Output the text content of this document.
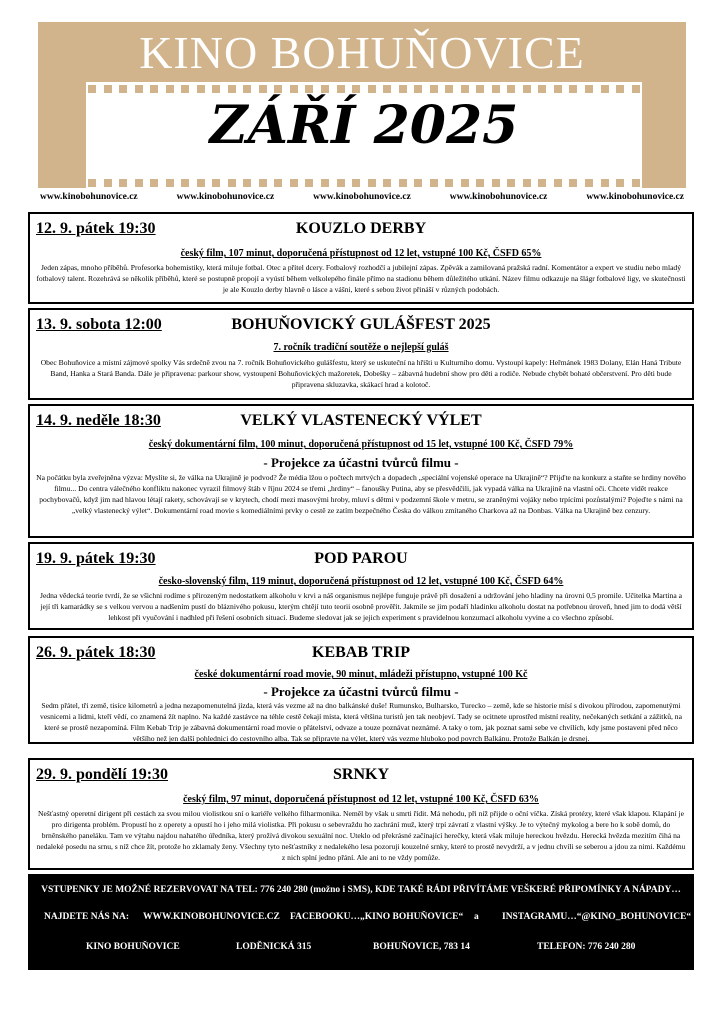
KINO BOHUŇOVICE
ZÁŘÍ 2025
www.kinobohunovice.cz	www.kinobohunovice.cz	www.kinobohunovice.cz	www.kinobohunovice.cz	www.kinobohunovice.cz
KOUZLO DERBY
12. 9. pátek 19:30
český film, 107 minut, doporučená přístupnost od 12 let, vstupné 100 Kč, ČSFD 65%
Jeden zápas, mnoho příběhů. Profesorka bohemistiky, která miluje fotbal. Otec a přítel dcery. Fotbalový rozhodčí a jubilejní zápas. Zpěvák a zamilovaná pražská radní. Komentátor a expert ve studiu nebo mladý fotbalový talent. Rozehrává se několik příběhů, které se postupně propojí a vyústí během velkolepého finále přímo na stadionu během důležitého utkání. Název filmu odkazuje na šlágr fotbalové ligy, ve skutečnosti je ale Kouzlo derby hlavně o lásce a vášni, které s sebou život přináší v různých podobách.
BOHUŇOVICKÝ GULÁŠFEST 2025
13. 9. sobota 12:00
7. ročník tradiční soutěže o nejlepší guláš
Obec Bohuňovice a místní zájmové spolky Vás srdečně zvou na 7. ročník Bohuňovického gulášfestu, který se uskuteční na hřišti u Kulturního domu. Vystoupí kapely: Heřmánek 1983 Dolany, Elán Haná Tribute Band, Hanka a Stará Banda. Dále je připravena: parkour show, vystoupení Bohuňovických mažoretek, Dobešky – zábavná hudební show pro děti a rodiče. Nebude chybět bohaté občerstvení. Pro děti bude připravena skluzavka, skákací hrad a kolotoč.
VELKÝ VLASTENECKÝ VÝLET
14. 9. neděle 18:30
český dokumentární film, 100 minut, doporučená přístupnost od 15 let, vstupné 100 Kč, ČSFD 79%
- Projekce za účastni tvůrců filmu -
Na počátku byla zveřejněna výzva: Myslíte si, že válka na Ukrajině je podvod? Že média lžou o počtech mrtvých a dopadech „speciální vojenské operace na Ukrajině“? Přijďte na konkurz a staňte se hrdiny nového filmu... Do centra válečného konfliktu nakonec vyrazil filmový štáb v říjnu 2024 se třemi „hrdiny“ – fanoušky Putina, aby se přesvědčili, jak vypadá válka na Ukrajině na vlastní oči. Chcete vidět reakce pochybovačů, když jim nad hlavou létají rakety, schovávají se v krytech, chodí mezi masovými hroby, mluví s dětmi v podzemní škole v metru, se zraněnými vojáky nebo trpícími pozůstalými? Pojeďte s námi na „velký vlastenecký výlet“. Dokumentární road movie s komediálními prvky o cestě ze zatím bezpečného Česka do válkou zmítaného Charkova až na Donbas. Válka na Ukrajině bez cenzury.
POD PAROU
19. 9. pátek 19:30
česko-slovenský film, 119 minut, doporučená přístupnost od 12 let, vstupné 100 Kč, ČSFD 64%
Jedna vědecká teorie tvrdí, že se všichni rodíme s přirozeným nedostatkem alkoholu v krvi a náš organismus nejlépe funguje právě při dosažení a udržování jeho hladiny na úrovni 0,5 promile. Učitelka Martina a její tři kamarádky se s velkou vervou a nadšením pustí do bláznivého pokusu, kterým chtějí tuto teorii osobně prověřit. Jakmile se jim podaří hladinku alkoholu dostat na potřebnou úroveň, hned jim to dodá větší lehkost při vyučování i nadhled při řešení osobních situací. Budeme sledovat jak se jejich experiment s pravidelnou konzumací alkoholu vyvine a co všechno způsobí.
KEBAB TRIP
26. 9. pátek 18:30
české dokumentární road movie, 90 minut, mládeži přístupno, vstupné 100 Kč
- Projekce za účastni tvůrců filmu -
Sedm přátel, tři země, tisíce kilometrů a jedna nezapomenutelná jízda, která vás vezme až na dno balkánské duše! Rumunsko, Bulharsko, Turecko – země, kde se historie mísí s divokou přírodou, zapomenutými vesnicemi a lidmi, kteří vědí, co znamená žít naplno. Na každé zastávce na téhle cestě čekají místa, která většina turistů jen tak neobjeví. Tady se ocitnete uprostřed místní reality, nečekaných setkání a zážitků, na které se prostě nezapomíná. Film Kebab Trip je zábavná dokumentární road movie o přátelství, odvaze a touze poznávat neznámé. A taky o tom, jak poznat sami sebe ve chvílích, kdy jsme postaveni před něco většího než jen další pohlednici do cestovního alba. Tak se připravte na výlet, který vás vezme hluboko pod povrch Balkánu. Protože Balkán je drsnej.
SRNKY
29. 9. pondělí 19:30
český film, 97 minut, doporučená přístupnost od 12 let, vstupné 100 Kč, ČSFD 63%
Nešťastný operetní dirigent při cestách za svou milou violistkou sní o kariéře velkého filharmonika. Neměl by však u smrti řídit. Má nehodu, při níž přijde o oční víčka. Získá protézy, které však klapou. Klapání je pro dirigenta problém. Propustí ho z operety a opustí ho i jeho milá violistka. Při pokusu o sebevraždu ho zachrání muž, který trpí závratí z vlastní výšky. Je to výtečný mykolog a bere ho k sobě domů, do brněnského paneláku. Tam ve výtahu najdou nahatého úředníka, který prožívá divokou sexuální noc. Uteklo od překrásné začínající herečky, která však miluje hereckou hvězdu. Herecká hvězda mezitím čihá na nedaleké posedu na srnu, s níž chce žít, protože ho zklamaly ženy. Všechny tyto nešťastníky z nedalekého lesa pozoruji kouzelné srnky, které to prostě nevydrží, a v jednu chvíli se seberou a jdou za nimi. Každému z nich splní jedno přání. Ale ani to ne vždy pomůže.
VSTUPENKY JE MOŽNÉ REZERVOVAT NA TEL: 776 240 280 (možno i SMS), KDE TAKÉ RÁDI PŘIVÍTÁME VEŠKERÉ PŘIPOMÍNKY A NÁPADY…
NAJDETE NÁS NA: WWW.KINOBOHUNOVICE.CZ FACEBOOKU…„KINO BOHUŇOVICE“ a INSTAGRAMU…“@KINO_BOHUNOVICE“
KINO BOHUŇOVICE	LODĚNICKÁ 315	BOHUŇOVICE, 783 14	TELEFON: 776 240 280
